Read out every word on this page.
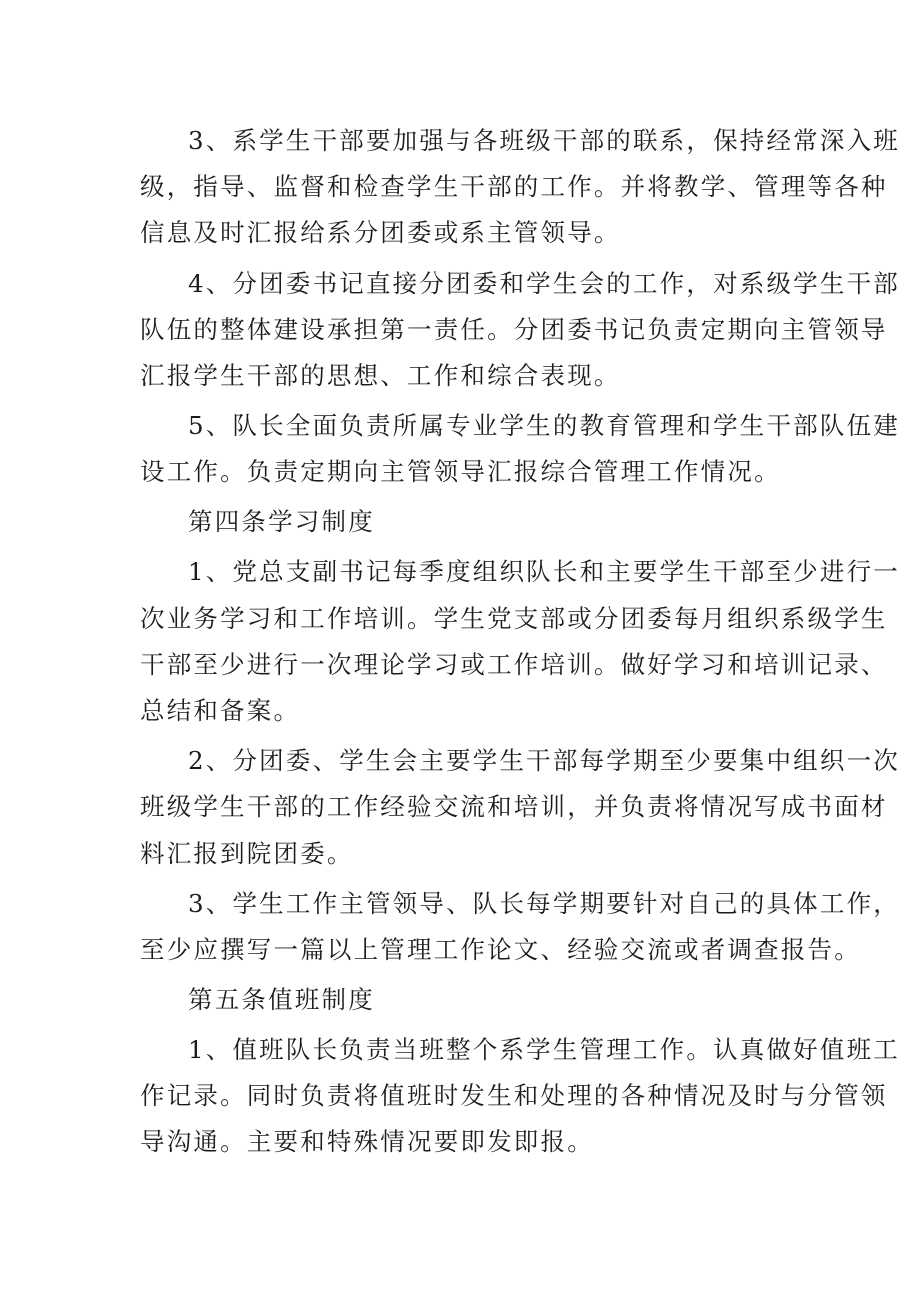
3、系学生干部要加强与各班级干部的联系，保持经常深入班
级，指导、监督和检查学生干部的工作。并将教学、管理等各种
信息及时汇报给系分团委或系主管领导。
4、分团委书记直接分团委和学生会的工作，对系级学生干部
队伍的整体建设承担第一责任。分团委书记负责定期向主管领导
汇报学生干部的思想、工作和综合表现。
5、队长全面负责所属专业学生的教育管理和学生干部队伍建
设工作。负责定期向主管领导汇报综合管理工作情况。
第四条学习制度
1、党总支副书记每季度组织队长和主要学生干部至少进行一
次业务学习和工作培训。学生党支部或分团委每月组织系级学生
干部至少进行一次理论学习或工作培训。做好学习和培训记录、
总结和备案。
2、分团委、学生会主要学生干部每学期至少要集中组织一次
班级学生干部的工作经验交流和培训，并负责将情况写成书面材
料汇报到院团委。
3、学生工作主管领导、队长每学期要针对自己的具体工作，
至少应撰写一篇以上管理工作论文、经验交流或者调查报告。
第五条值班制度
1、值班队长负责当班整个系学生管理工作。认真做好值班工
作记录。同时负责将值班时发生和处理的各种情况及时与分管领
导沟通。主要和特殊情况要即发即报。
